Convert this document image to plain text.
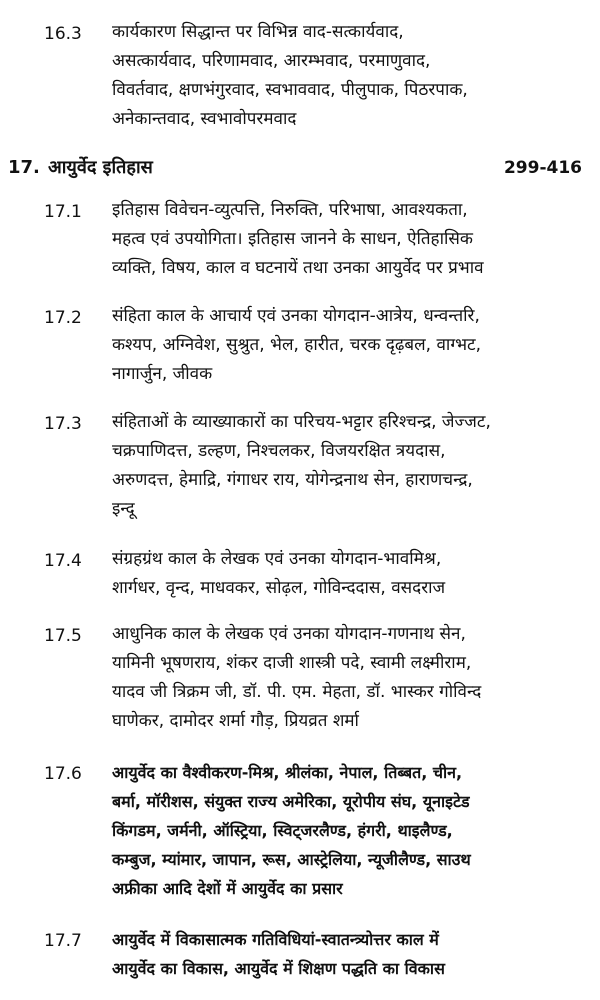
16.3 कार्यकारण सिद्धान्त पर विभिन्न वाद-सत्कार्यवाद,
असत्कार्यवाद, परिणामवाद, आरम्भवाद, परमाणुवाद,
विवर्तवाद, क्षणभंगुरवाद, स्वभाववाद, पीलुपाक, पिठरपाक,
अनेकान्तवाद, स्वभावोपरमवाद
17. आयुर्वेद इतिहास	299-416
17.1 इतिहास विवेचन-व्युत्पत्ति, निरुक्ति, परिभाषा, आवश्यकता,
महत्व एवं उपयोगिता। इतिहास जानने के साधन, ऐतिहासिक
व्यक्ति, विषय, काल व घटनायें तथा उनका आयुर्वेद पर प्रभाव
17.2 संहिता काल के आचार्य एवं उनका योगदान-आत्रेय, धन्वन्तरि,
कश्यप, अग्निवेश, सुश्रुत, भेल, हारीत, चरक दृढ़बल, वाग्भट,
नागार्जुन, जीवक
17.3 संहिताओं के व्याख्याकारों का परिचय-भट्टार हरिश्चन्द्र, जेज्जट,
चक्रपाणिदत्त, डल्हण, निश्चलकर, विजयरक्षित त्रयदास,
अरुणदत्त, हेमाद्रि, गंगाधर राय, योगेन्द्रनाथ सेन, हाराणचन्द्र,
इन्दू
17.4 संग्रहग्रंथ काल के लेखक एवं उनका योगदान-भावमिश्र,
शार्गधर, वृन्द, माधवकर, सोढ़ल, गोविन्ददास, वसदराज
17.5 आधुनिक काल के लेखक एवं उनका योगदान-गणनाथ सेन,
यामिनी भूषणराय, शंकर दाजी शास्त्री पदे, स्वामी लक्ष्मीराम,
यादव जी त्रिक्रम जी, डॉ. पी. एम. मेहता, डॉ. भास्कर गोविन्द
घाणेकर, दामोदर शर्मा गौड़, प्रियव्रत शर्मा
17.6 आयुर्वेद का वैश्वीकरण-मिश्र, श्रीलंका, नेपाल, तिब्बत, चीन,
बर्मा, मॉरीशस, संयुक्त राज्य अमेरिका, यूरोपीय संघ, यूनाइटेड
किंगडम, जर्मनी, ऑस्ट्रिया, स्विट्जरलैण्ड, हंगरी, थाइलैण्ड,
कम्बुज, म्यांमार, जापान, रूस, आस्ट्रेलिया, न्यूजीलैण्ड, साउथ
अफ्रीका आदि देशों में आयुर्वेद का प्रसार
17.7 आयुर्वेद में विकासात्मक गतिविधियां-स्वातन्त्र्योत्तर काल में
आयुर्वेद का विकास, आयुर्वेद में शिक्षण पद्धति का विकास
